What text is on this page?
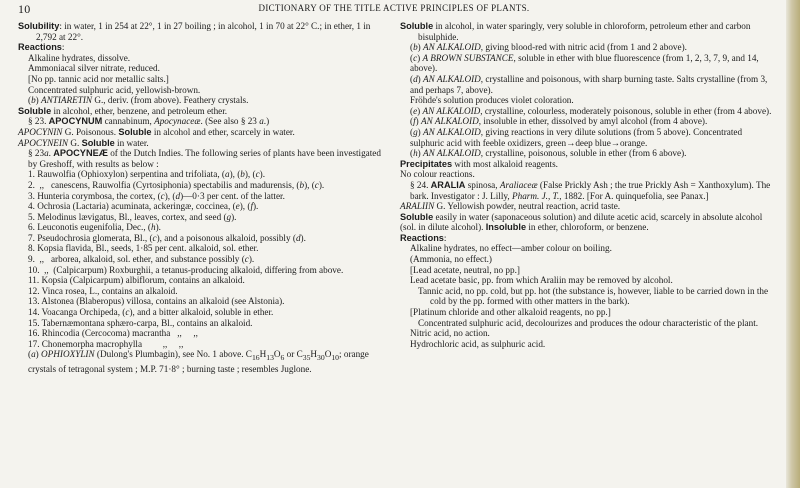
10	DICTIONARY OF THE TITLE ACTIVE PRINCIPLES OF PLANTS.

Solubility: in water, 1 in 254 at 22°, 1 in 27 boiling ; in alcohol, 1 in 70 at 22° C.; in ether, 1 in 2,792 at 22°.

Reactions:

Alkaline hydrates, dissolve.

Ammoniacal silver nitrate, reduced.

[No pp. tannic acid nor metallic salts.]

Concentrated sulphuric acid, yellowish-brown.

(b) ANTIARETIN G., deriv. (from above). Feathery crystals.

Soluble in alcohol, ether, benzene, and petroleum ether.

§ 23. APOCYNUM cannabinum, Apocynaceæ. (See also § 23 a.)

APOCYNIN G. Poisonous. Soluble in alcohol and ether, scarcely in water.

APOCYNEIN G. Soluble in water.

§ 23a. APOCYNEÆ of the Dutch Indies. The following series of plants have been investigated by Greshoff, with results as below :

1. Rauwolfia (Ophioxylon) serpentina and trifoliata, (a), (b), (c).

2.  ,,   canescens, Rauwolfia (Cyrtosiphonia) spectabilis and madurensis, (b), (c).

3. Hunteria corymbosa, the cortex, (c), (d)—0·3 per cent. of the latter.

4. Ochrosia (Lactaria) acuminata, ackeringæ, coccinea, (e), (f).

5. Melodinus lævigatus, Bl., leaves, cortex, and seed (g).

6. Leuconotis eugenifolia, Dec., (h).

7. Pseudochrosia glomerata, Bl., (c), and a poisonous alkaloid, possibly (d).

8. Kopsia flavida, Bl., seeds, 1·85 per cent. alkaloid, sol. ether.

9.  ,,   arborea, alkaloid, sol. ether, and substance possibly (c).

10.  ,,  (Calpicarpum) Roxburghii, a tetanus-producing alkaloid, differing from above.

11. Kopsia (Calpicarpum) albiflorum, contains an alkaloid.

12. Vinca rosea, L., contains an alkaloid.

13. Alstonea (Blaberopus) villosa, contains an alkaloid (see Alstonia).

14. Voacanga Orchipeda, (c), and a bitter alkaloid, soluble in ether.

15. Tabernæmontana sphæro-carpa, Bl., contains an alkaloid.

16. Rhincodia (Cercocoma) macrantha   ,,     ,,

17. Chonemorpha macrophylla         ,,     ,,

(a) OPHIOXYLIN (Dulong's Plumbagin), see No. 1 above. $C_{16}H_{13}O_6$ or $C_{35}H_{30}O_{10}$; orange crystals of tetragonal system ; M.P. 71·8° ; burning taste ; resembles Juglone.

Soluble in alcohol, in water sparingly, very soluble in chloroform, petroleum ether and carbon bisulphide.

(b) AN ALKALOID, giving blood-red with nitric acid (from 1 and 2 above).

(c) A BROWN SUBSTANCE, soluble in ether with blue fluorescence (from 1, 2, 3, 7, 9, and 14, above).

(d) AN ALKALOID, crystalline and poisonous, with sharp burning taste. Salts crystalline (from 3, and perhaps 7, above).

Fröhde's solution produces violet coloration.

(e) AN ALKALOID, crystalline, colourless, moderately poisonous, soluble in ether (from 4 above).

(f) AN ALKALOID, insoluble in ether, dissolved by amyl alcohol (from 4 above).

(g) AN ALKALOID, giving reactions in very dilute solutions (from 5 above). Concentrated sulphuric acid with feeble oxidizers, green→deep blue→orange.

(h) AN ALKALOID, crystalline, poisonous, soluble in ether (from 6 above).

Precipitates with most alkaloid reagents.

No colour reactions.

§ 24. ARALIA spinosa, Araliaceæ (False Prickly Ash ; the true Prickly Ash = Xanthoxylum). The bark. Investigator : J. Lilly, Pharm. J., T., 1882. [For A. quinquefolia, see Panax.]

ARALIIN G. Yellowish powder, neutral reaction, acrid taste.

Soluble easily in water (saponaceous solution) and dilute acetic acid, scarcely in absolute alcohol (sol. in dilute alcohol). Insoluble in ether, chloroform, or benzene.

Reactions:

Alkaline hydrates, no effect—amber colour on boiling.

(Ammonia, no effect.)

[Lead acetate, neutral, no pp.]

Lead acetate basic, pp. from which Araliin may be removed by alcohol.

Tannic acid, no pp. cold, but pp. hot (the substance is, however, liable to be carried down in the cold by the pp. formed with other matters in the bark).

[Platinum chloride and other alkaloid reagents, no pp.]

Concentrated sulphuric acid, decolourizes and produces the odour characteristic of the plant.

Nitric acid, no action.

Hydrochloric acid, as sulphuric acid.
